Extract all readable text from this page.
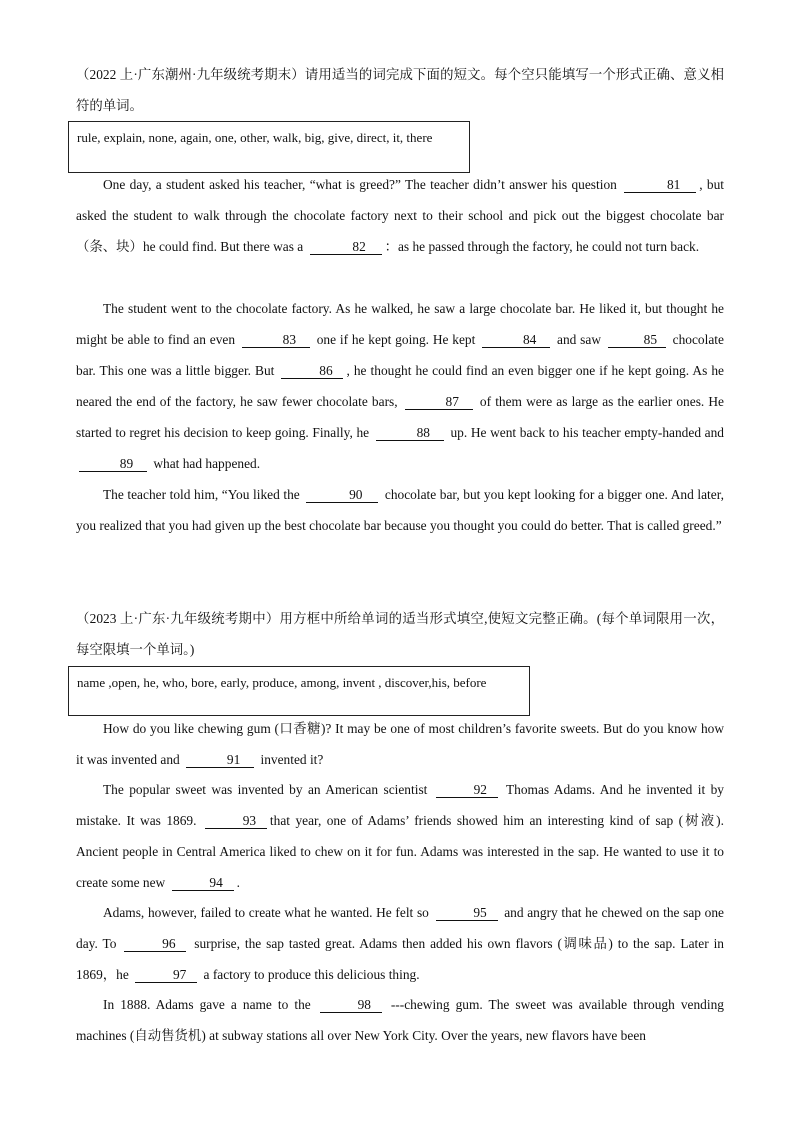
（2022 上·广东潮州·九年级统考期末）请用适当的词完成下面的短文。每个空只能填写一个形式正确、意义相符的单词。

rule, explain, none, again, one, other, walk, big, give, direct, it, there

One day, a student asked his teacher, “what is greed?” The teacher didn’t answer his question	81 , but asked the student to walk through the chocolate factory next to their school and pick out the biggest chocolate bar（条、块）he could find. But there was a	82 ：as he passed through the factory, he could not turn back.

The student went to the chocolate factory. As he walked, he saw a large chocolate bar. He liked it, but thought he might be able to find an even	83 one if he kept going. He kept	84 and saw	85 chocolate bar. This one was a little bigger. But	86 , he thought he could find an even bigger one if he kept going. As he neared the end of the factory, he saw fewer chocolate bars,	87 of them were as large as the earlier ones. He started to regret his decision to keep going. Finally, he	88 up. He went back to his teacher empty‐handed and 89 what had happened.

The teacher told him, “You liked the	90 chocolate bar, but you kept looking for a bigger one. And later, you realized that you had given up the best chocolate bar because you thought you could do better. That is called greed.”

（2023 上·广东·九年级统考期中）用方框中所给单词的适当形式填空,使短文完整正确。(每个单词限用一次，每空限填一个单词。)

name ,open, he, who, bore, early, produce, among, invent , discover,his, before

How do you like chewing gum (口香糖)? It may be one of most children’s favorite sweets. But do you know how it was invented and	91 invented it?

The popular sweet was invented by an American scientist	92 Thomas Adams. And he invented it by mistake. It was 1869.	93 that year, one of Adams’ friends showed him an interesting kind of sap (树液). Ancient people in Central America liked to chew on it for fun. Adams was interested in the sap. He wanted to use it to create some new	94 .

Adams, however, failed to create what he wanted. He felt so	95 and angry that he chewed on the sap one day. To	96 surprise, the sap tasted great. Adams then added his own flavors (调味品) to the sap. Later in 1869，he	97 a factory to produce this delicious thing.

In 1888. Adams gave a name to the	98 ---chewing gum. The sweet was available through vending machines (自动售货机) at subway stations all over New York City. Over the years, new flavors have been
